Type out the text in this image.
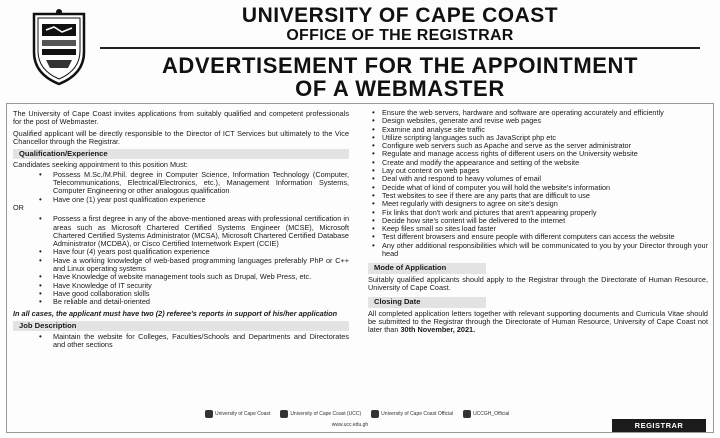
UNIVERSITY OF CAPE COAST
OFFICE OF THE REGISTRAR
ADVERTISEMENT FOR THE APPOINTMENT
OF A WEBMASTER

The University of Cape Coast invites applications from suitably qualified and competent professionals for the post of Webmaster.

Qualified applicant will be directly responsible to the Director of ICT Services but ultimately to the Vice Chancellor through the Registrar.

Qualification/Experience

Candidates seeking appointment to this position Must:

• Possess M.Sc./M.Phil. degree in Computer Science, Information Technology (Computer, Telecommunications, Electrical/Electronics, etc.), Management Information Systems, Computer Engineering or other analogous qualification
• Have one (1) year post qualification experience

OR

• Possess a first degree in any of the above-mentioned areas with professional certification in areas such as Microsoft Chartered Certified Systems Engineer (MCSE), Microsoft Chartered Certified Systems Administrator (MCSA), Microsoft Chartered Certified Database Administrator (MCDBA), or Cisco Certified Internetwork Expert (CCIE)
• Have four (4) years post qualification experience
• Have a working knowledge of web-based programming languages preferably PhP or C++ and Linux operating systems
• Have Knowledge of website management tools such as Drupal, Web Press, etc.
• Have Knowledge of IT security
• Have good collaboration skills
• Be reliable and detail-oriented

In all cases, the applicant must have two (2) referee's reports in support of his/her application

Job Description
• Maintain the website for Colleges, Faculties/Schools and Departments and Directorates and other sections
• Ensure the web servers, hardware and software are operating accurately and efficiently
• Design websites, generate and revise web pages
• Examine and analyse site traffic
• Utilize scripting languages such as JavaScript php etc
• Configure web servers such as Apache and serve as the server administrator
• Regulate and manage access rights of different users on the University website
• Create and modify the appearance and setting of the website
• Lay out content on web pages
• Deal with and respond to heavy volumes of email
• Decide what of kind of computer you will hold the website's information
• Test websites to see if there are any parts that are difficult to use
• Meet regularly with designers to agree on site's design
• Fix links that don't work and pictures that aren't appearing properly
• Decide how site's content will be delivered to the internet
• Keep files small so sites load faster
• Test different browsers and ensure people with different computers can access the website
• Any other additional responsibilities which will be communicated to you by your Director through your head
Mode of Application

Suitably qualified applicants should apply to the Registrar through the Directorate of Human Resource, University of Cape Coast.

Closing Date

All completed application letters together with relevant supporting documents and Curricula Vitae should be submitted to the Registrar through the Directorate of Human Resource, University of Cape Coast not later than 30th November, 2021.

University of Cape Coast	University of Cape Coast (UCC)	University of Cape Coast Official	UCCGH_Official
www.ucc.edu.gh	REGISTRAR
